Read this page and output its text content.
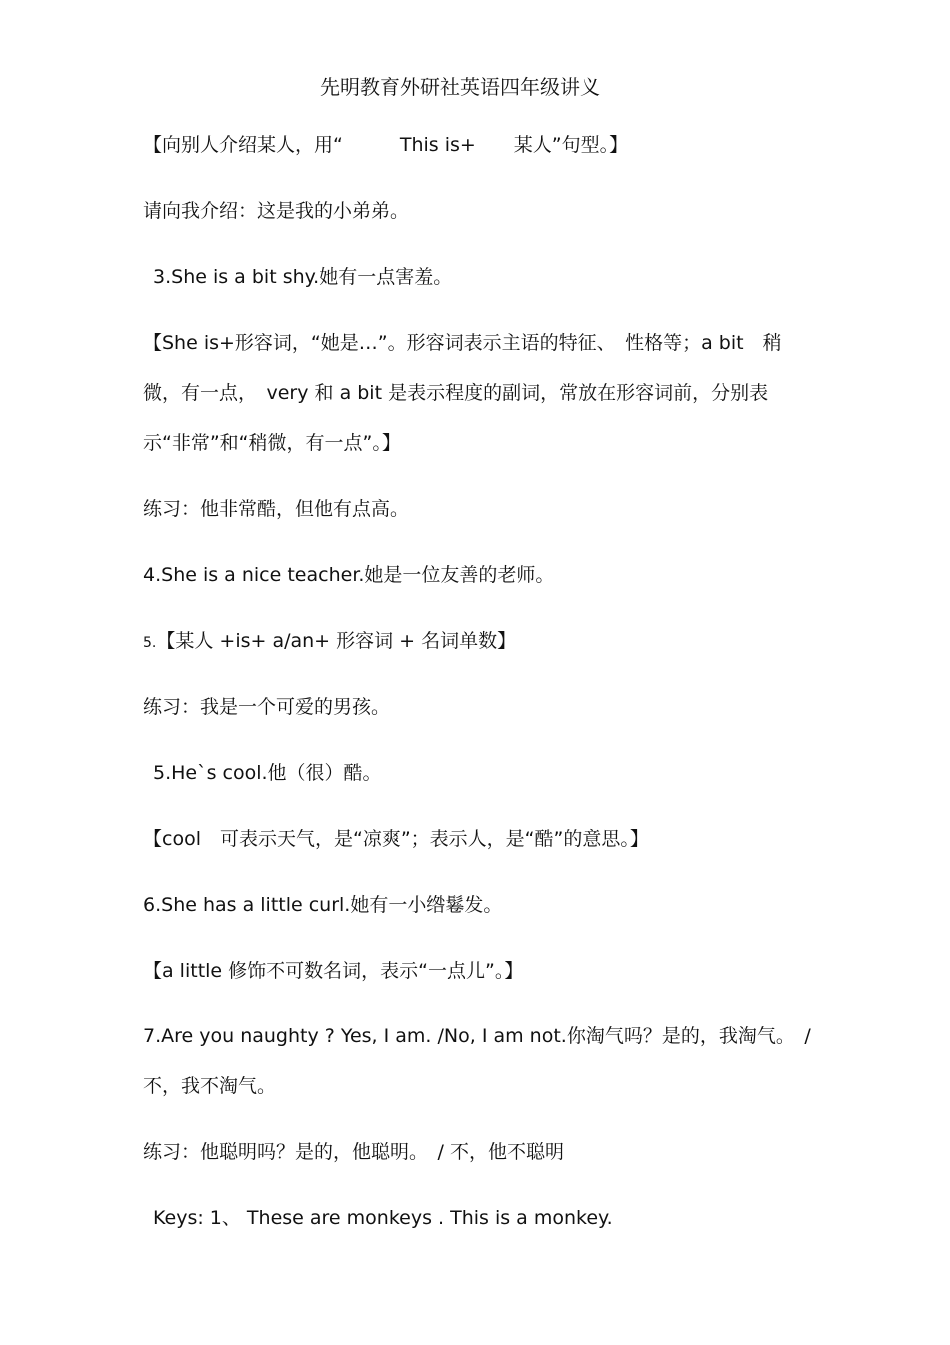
先明教育外研社英语四年级讲义

【向别人介绍某人，用“　　　This is+　　某人”句型。】

请向我介绍：这是我的小弟弟。

3.She is a bit shy.她有一点害羞。

【She is+形容词，“她是…”。形容词表示主语的特征、　性格等；a bit　稍

微，有一点，　very 和 a bit 是表示程度的副词，常放在形容词前，分别表

示“非常”和“稍微，有一点”。】

练习：他非常酷，但他有点高。

4.She is a nice teacher.她是一位友善的老师。

5.【某人 +is+ a/an+ 形容词 + 名词单数】

练习：我是一个可爱的男孩。

5.He`s cool.他（很）酷。

【cool　可表示天气，是“凉爽”；表示人，是“酷”的意思。】

6.She has a little curl.她有一小绺鬈发。

【a little 修饰不可数名词，表示“一点儿”。】

7.Are you naughty ? Yes, I am. /No, I am not.你淘气吗？是的，我淘气。　/

不，我不淘气。

练习：他聪明吗？是的，他聪明。　/ 不，他不聪明

Keys: 1、 These are monkeys . This is a monkey.
